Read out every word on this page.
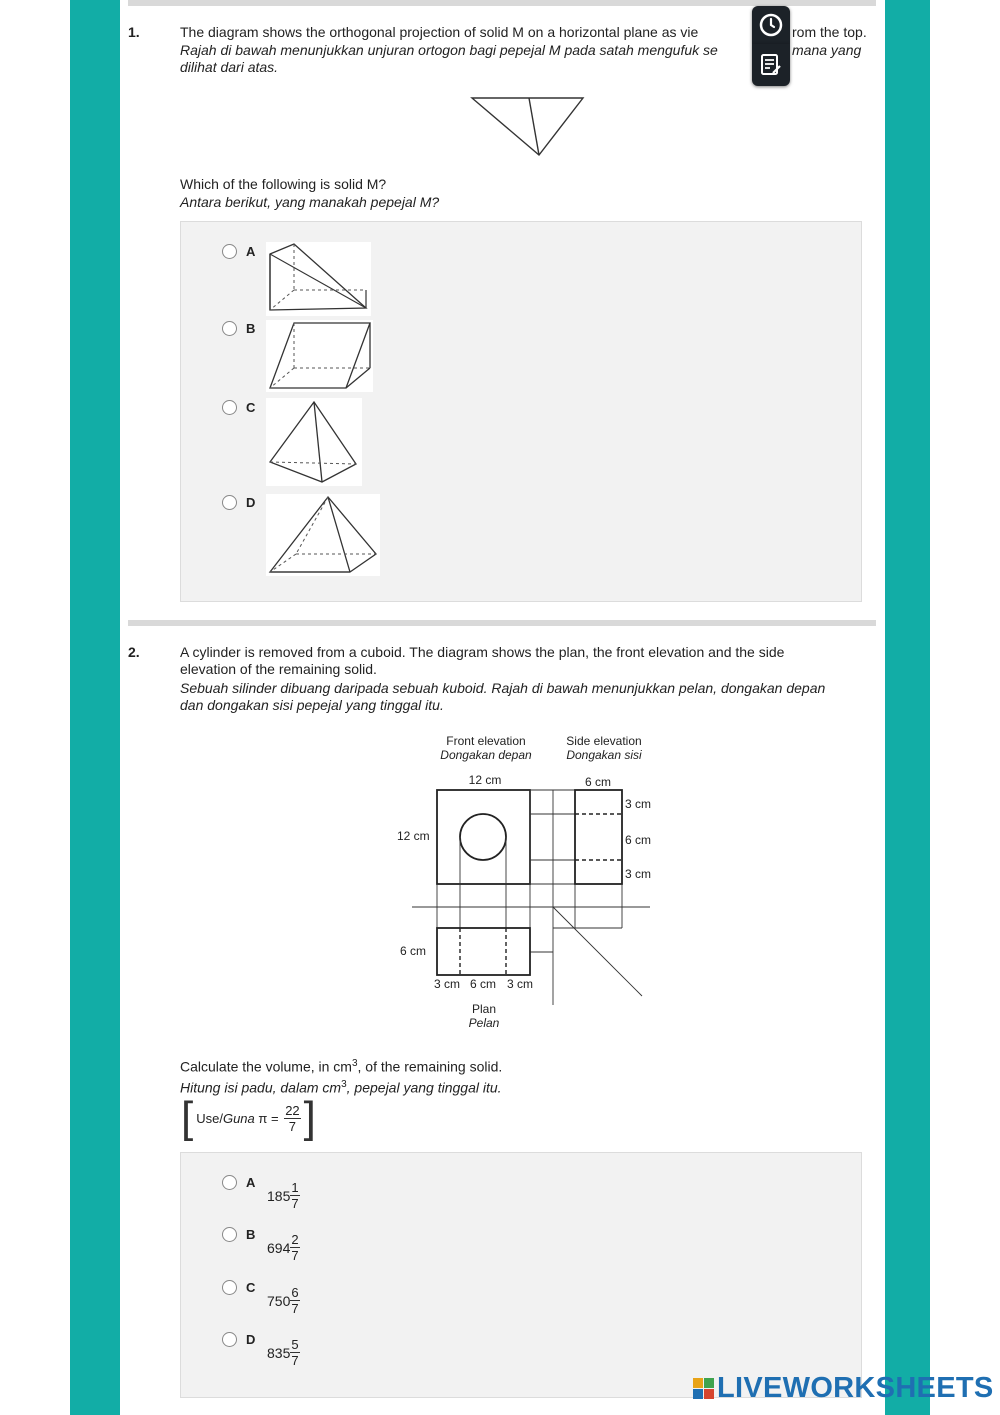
1.	The diagram shows the orthogonal projection of solid M on a horizontal plane as vie	rom the top.
Rajah di bawah menunjukkan unjuran ortogon bagi pepejal M pada satah mengufuk se	mana yang
dilihat dari atas.
Which of the following is solid M?
Antara berikut, yang manakah pepejal M?
A
B
C
D
2.	A cylinder is removed from a cuboid. The diagram shows the plan, the front elevation and the side
elevation of the remaining solid.
Sebuah silinder dibuang daripada sebuah kuboid. Rajah di bawah menunjukkan pelan, dongakan depan
dan dongakan sisi pepejal yang tinggal itu.
Front elevation
Dongakan depan
Side elevation
Dongakan sisi
12 cm
12 cm
6 cm
3 cm
6 cm
3 cm
6 cm
3 cm 6 cm 3 cm
Plan
Pelan
Calculate the volume, in $cm^3$, of the remaining solid.
Hitung isi padu, dalam $cm^3$, pepejal yang tinggal itu.
[ Use/ Guna $\pi = \frac{22}{7}$ ]
A
$185 \frac{1}{7}$
B
$694 \frac{2}{7}$
C
$750 \frac{6}{7}$
D
$835 \frac{5}{7}$
LIVEWORKSHEETS
